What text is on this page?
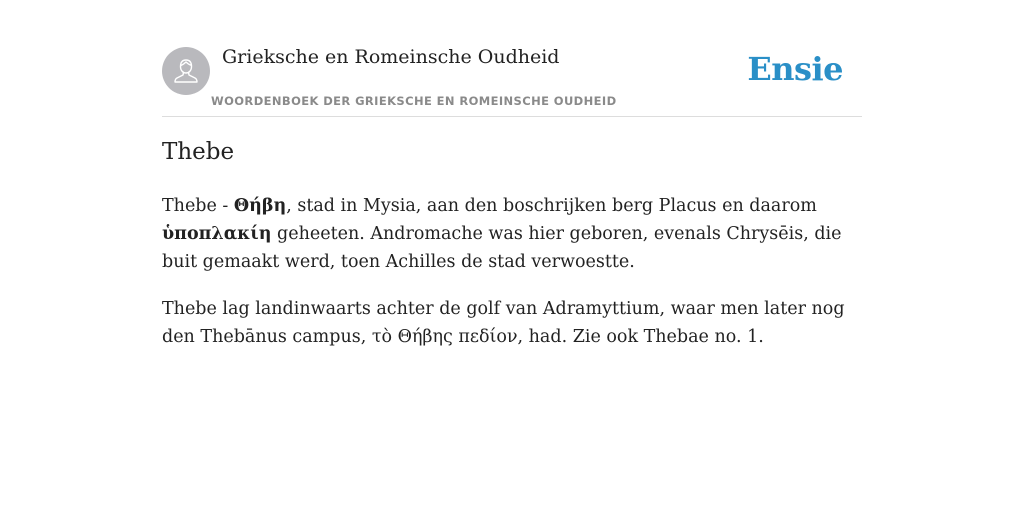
Grieksche en Romeinsche Oudheid
WOORDENBOEK DER GRIEKSCHE EN ROMEINSCHE OUDHEID
Ensie
Thebe

Thebe - Θήβη, stad in Mysia, aan den boschrijken berg Placus en daarom ὑποπλακίη geheeten. Andromache was hier geboren, evenals Chrysēis, die buit gemaakt werd, toen Achilles de stad verwoestte.

Thebe lag landinwaarts achter de golf van Adramyttium, waar men later nog den Thebānus campus, τὸ Θήβης πεδίον, had. Zie ook Thebae no. 1.
